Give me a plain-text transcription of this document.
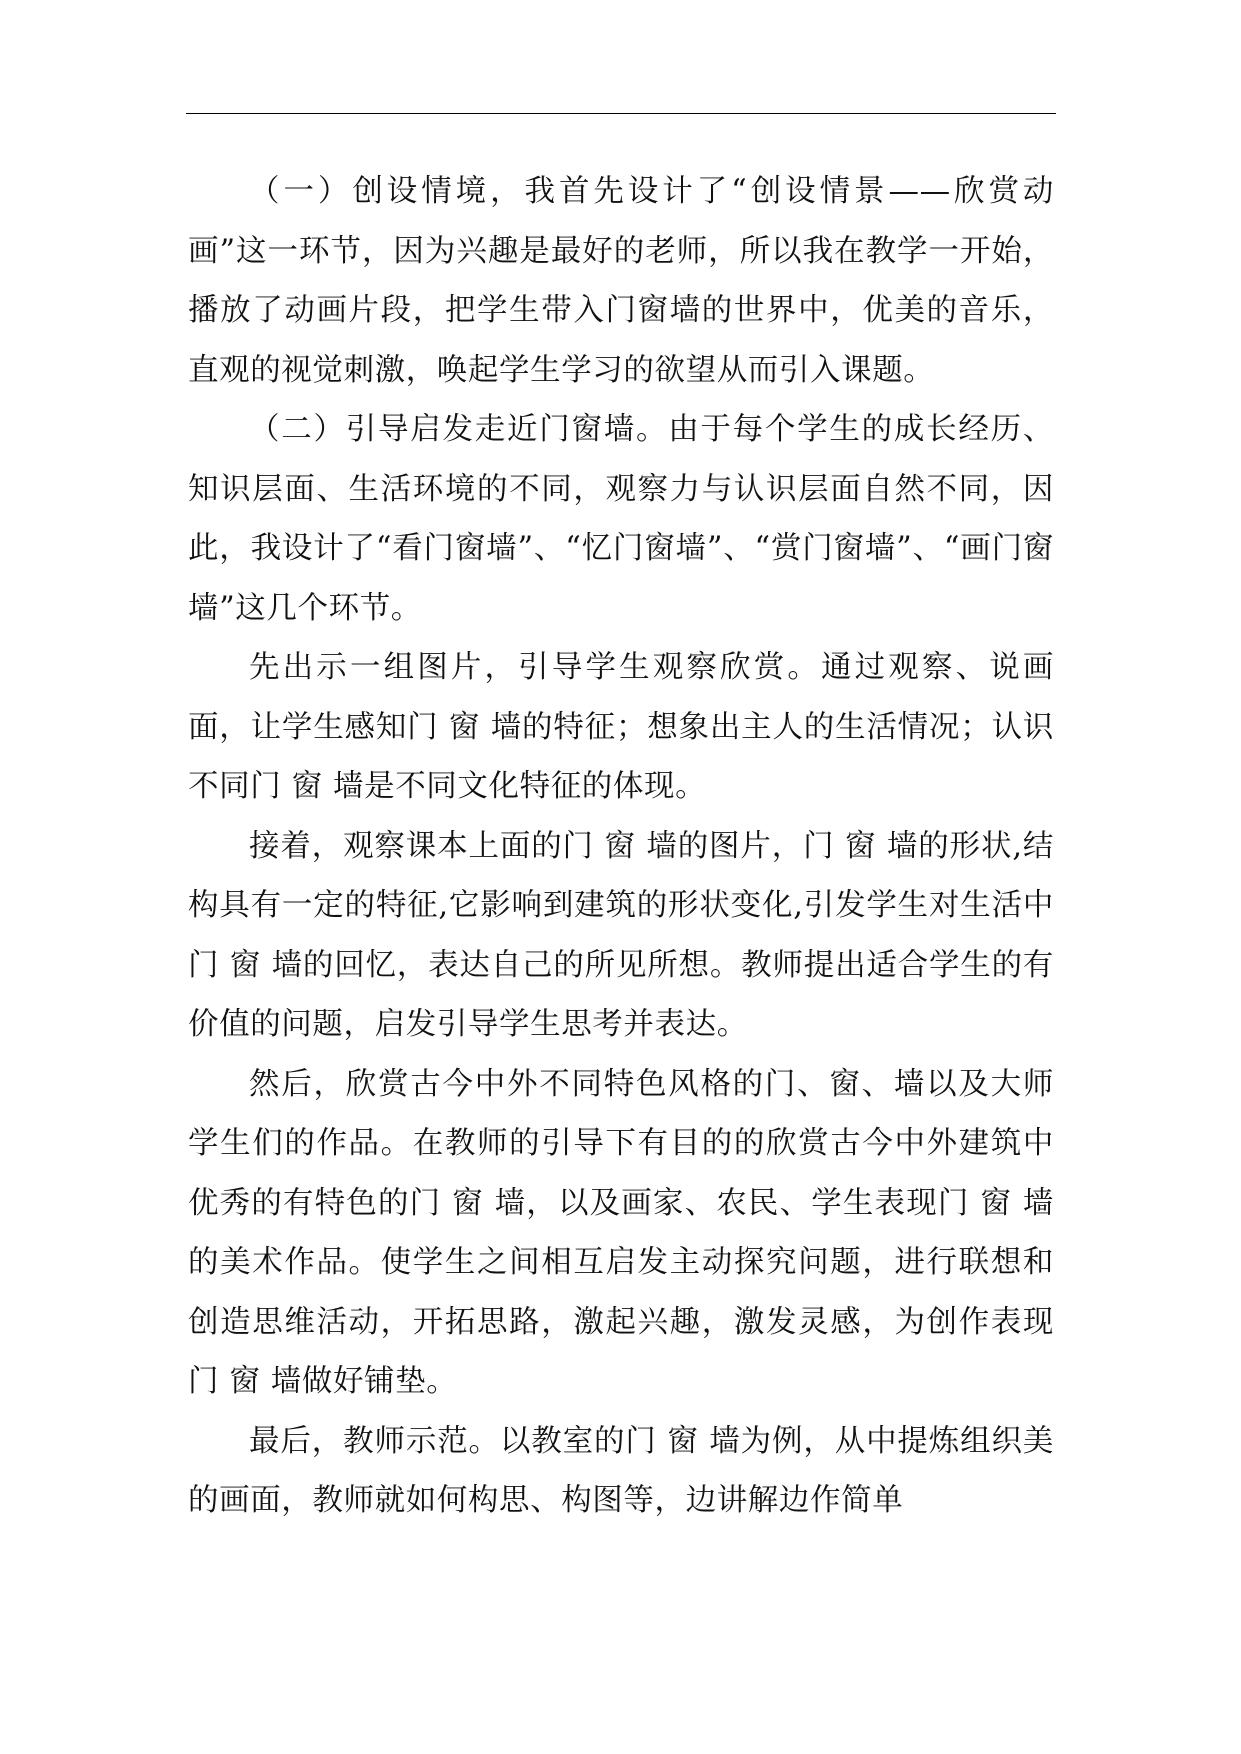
（一）创设情境，我首先设计了“创设情景——欣赏动画”这一环节，因为兴趣是最好的老师，所以我在教学一开始，播放了动画片段，把学生带入门窗墙的世界中，优美的音乐，直观的视觉刺激，唤起学生学习的欲望从而引入课题。

（二）引导启发走近门窗墙。由于每个学生的成长经历、知识层面、生活环境的不同，观察力与认识层面自然不同，因此，我设计了“看门窗墙”、“忆门窗墙”、“赏门窗墙”、“画门窗墙”这几个环节。

先出示一组图片，引导学生观察欣赏。通过观察、说画面，让学生感知门 窗 墙的特征；想象出主人的生活情况；认识不同门 窗 墙是不同文化特征的体现。

接着，观察课本上面的门 窗 墙的图片，门 窗 墙的形状,结构具有一定的特征,它影响到建筑的形状变化,引发学生对生活中门 窗 墙的回忆，表达自己的所见所想。教师提出适合学生的有价值的问题，启发引导学生思考并表达。

然后，欣赏古今中外不同特色风格的门、窗、墙以及大师学生们的作品。在教师的引导下有目的的欣赏古今中外建筑中优秀的有特色的门 窗 墙，以及画家、农民、学生表现门 窗 墙的美术作品。使学生之间相互启发主动探究问题，进行联想和创造思维活动，开拓思路，激起兴趣，激发灵感，为创作表现门 窗 墙做好铺垫。

最后，教师示范。以教室的门 窗 墙为例，从中提炼组织美的画面，教师就如何构思、构图等，边讲解边作简单
